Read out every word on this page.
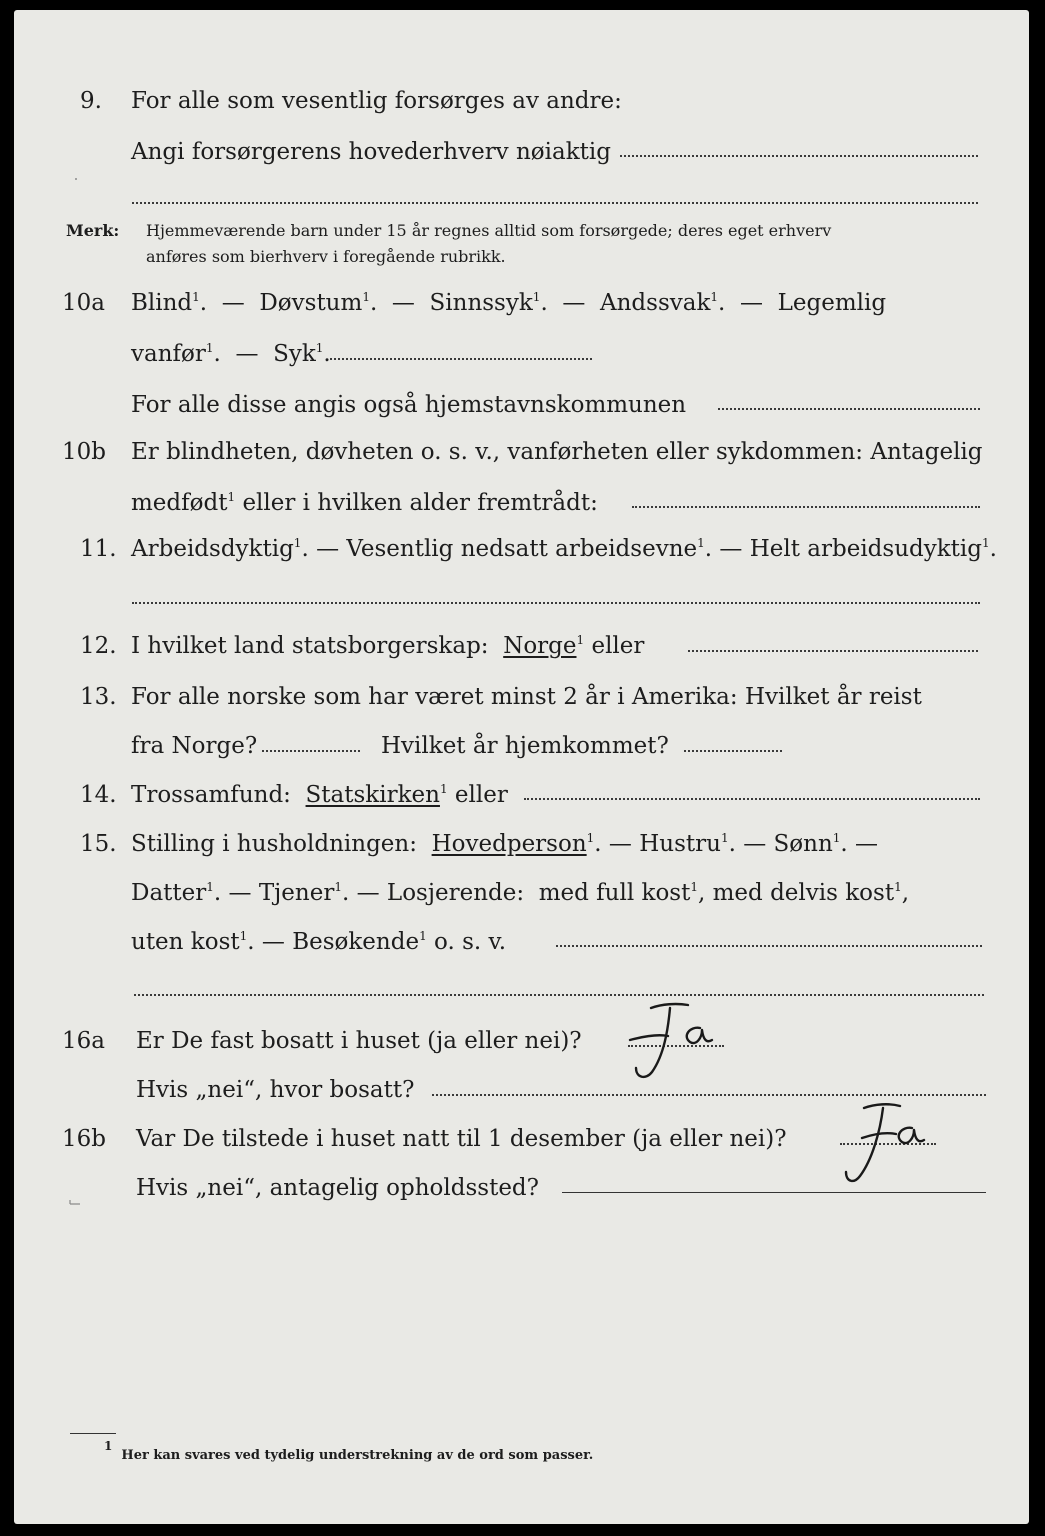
9. For alle som vesentlig forsørges av andre:
Angi forsørgerens hovederhverv nøiaktig
Merk: Hjemmeværende barn under 15 år regnes alltid som forsørgede; deres eget erhverv
anføres som bierhverv i foregående rubrikk.
10a Blind$^1$. — Døvstum$^1$. — Sinnssyk$^1$. — Andssvak$^1$. — Legemlig
vanfør$^1$. — Syk$^1$.
For alle disse angis også hjemstavnskommunen
10b Er blindheten, døvheten o. s. v., vanførheten eller sykdommen: Antagelig
medfødt$^1$ eller i hvilken alder fremtrådt:
11. Arbeidsdyktig$^1$. — Vesentlig nedsatt arbeidsevne$^1$. — Helt arbeidsudyktig$^1$.
12. I hvilket land statsborgerskap: Norge$^1$ eller
13. For alle norske som har været minst 2 år i Amerika: Hvilket år reist
fra Norge?	Hvilket år hjemkommet?
14. Trossamfund: Statskirken$^1$ eller
15. Stilling i husholdningen: Hovedperson$^1$. — Hustru$^1$. — Sønn$^1$. —
Datter$^1$. — Tjener$^1$. — Losjerende: med full kost$^1$, med delvis kost$^1$,
uten kost$^1$. — Besøkende$^1$ o. s. v.
16a Er De fast bosatt i huset (ja eller nei)?
Hvis „nei“, hvor bosatt?
16b Var De tilstede i huset natt til 1 desember (ja eller nei)?
Hvis „nei“, antagelig opholdssted?
$^1$  Her kan svares ved tydelig understrekning av de ord som passer.
